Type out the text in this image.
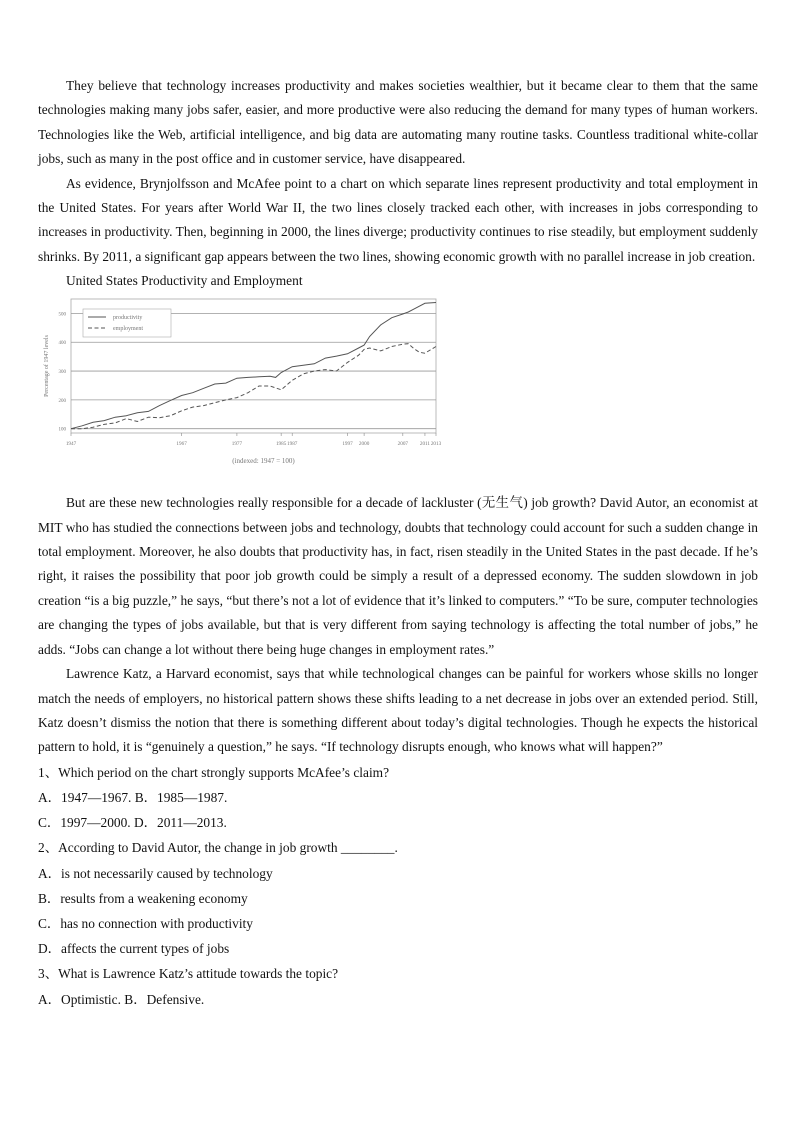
They believe that technology increases productivity and makes societies wealthier, but it became clear to them that the same technologies making many jobs safer, easier, and more productive were also reducing the demand for many types of human workers. Technologies like the Web, artificial intelligence, and big data are automating many routine tasks. Countless traditional white-collar jobs, such as many in the post office and in customer service, have disappeared.

As evidence, Brynjolfsson and McAfee point to a chart on which separate lines represent productivity and total employment in the United States. For years after World War II, the two lines closely tracked each other, with increases in jobs corresponding to increases in productivity. Then, beginning in 2000, the lines diverge; productivity continues to rise steadily, but employment suddenly shrinks. By 2011, a significant gap appears between the two lines, showing economic growth with no parallel increase in job creation.

United States Productivity and Employment
100
200
300
400
500
1947	1967	1977	1985 1987	1997 2000	2007 2011 2013
Percentage of 1947 levels
(indexed: 1947 = 100)
productivity
employment

But are these new technologies really responsible for a decade of lackluster (无生气) job growth? David Autor, an economist at MIT who has studied the connections between jobs and technology, doubts that technology could account for such a sudden change in total employment. Moreover, he also doubts that productivity has, in fact, risen steadily in the United States in the past decade. If he’s right, it raises the possibility that poor job growth could be simply a result of a depressed economy. The sudden slowdown in job creation “is a big puzzle,” he says, “but there’s not a lot of evidence that it’s linked to computers.” “To be sure, computer technologies are changing the types of jobs available, but that is very different from saying technology is affecting the total number of jobs,” he adds. “Jobs can change a lot without there being huge changes in employment rates.”

Lawrence Katz, a Harvard economist, says that while technological changes can be painful for workers whose skills no longer match the needs of employers, no historical pattern shows these shifts leading to a net decrease in jobs over an extended period. Still, Katz doesn’t dismiss the notion that there is something different about today’s digital technologies. Though he expects the historical pattern to hold, it is “genuinely a question,” he says. “If technology disrupts enough, who knows what will happen?”

1、Which period on the chart strongly supports McAfee’s claim?
A．1947—1967. B．1985—1987.
C．1997—2000. D．2011—2013.
2、According to David Autor, the change in job growth ________.
A．is not necessarily caused by technology
B．results from a weakening economy
C．has no connection with productivity
D．affects the current types of jobs
3、What is Lawrence Katz’s attitude towards the topic?
A．Optimistic. B．Defensive.
